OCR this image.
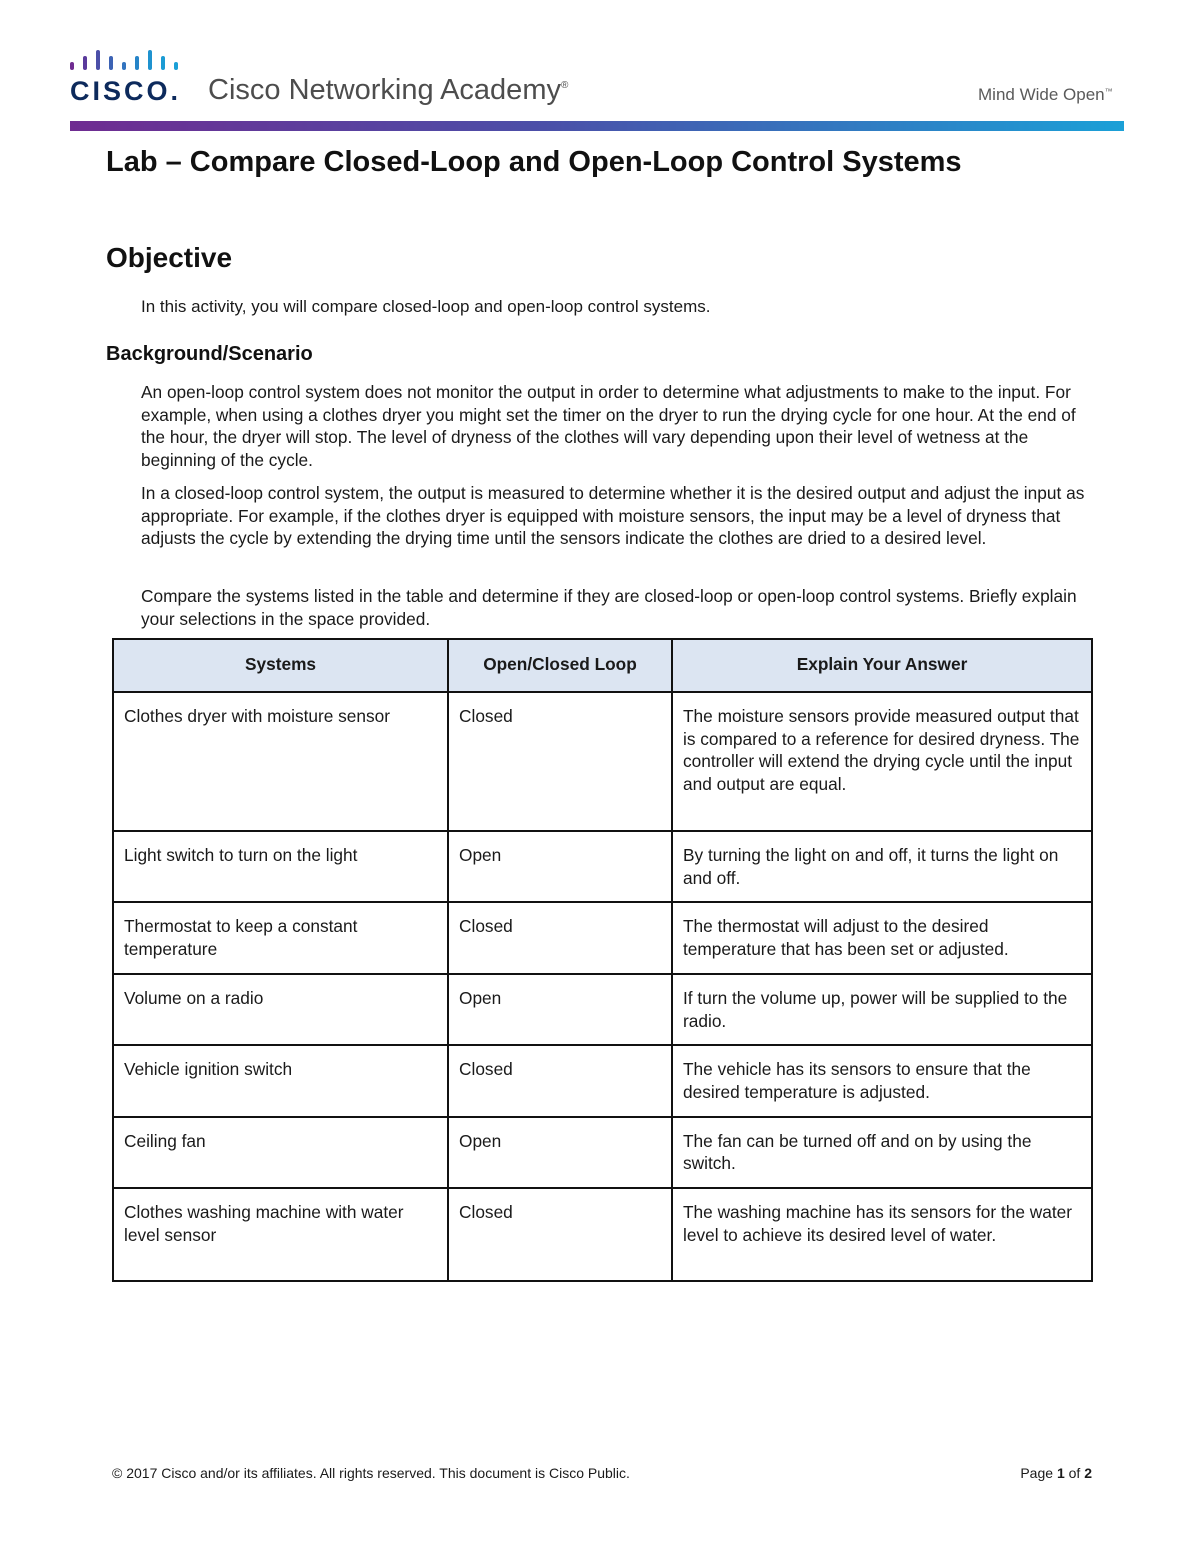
CISCO. Cisco Networking Academy®	Mind Wide Open™
Lab – Compare Closed-Loop and Open-Loop Control Systems
Objective

In this activity, you will compare closed-loop and open-loop control systems.

Background/Scenario

An open-loop control system does not monitor the output in order to determine what adjustments to make to the input. For example, when using a clothes dryer you might set the timer on the dryer to run the drying cycle for one hour. At the end of the hour, the dryer will stop. The level of dryness of the clothes will vary depending upon their level of wetness at the beginning of the cycle.

In a closed-loop control system, the output is measured to determine whether it is the desired output and adjust the input as appropriate. For example, if the clothes dryer is equipped with moisture sensors, the input may be a level of dryness that adjusts the cycle by extending the drying time until the sensors indicate the clothes are dried to a desired level.

Compare the systems listed in the table and determine if they are closed-loop or open-loop control systems. Briefly explain your selections in the space provided.

Systems	Open/Closed Loop	Explain Your Answer
Clothes dryer with moisture sensor	Closed	The moisture sensors provide measured output that is compared to a reference for desired dryness. The controller will extend the drying cycle until the input and output are equal.
Light switch to turn on the light	Open	By turning the light on and off, it turns the light on and off.
Thermostat to keep a constant temperature	Closed	The thermostat will adjust to the desired temperature that has been set or adjusted.
Volume on a radio	Open	If turn the volume up, power will be supplied to the radio.
Vehicle ignition switch	Closed	The vehicle has its sensors to ensure that the desired temperature is adjusted.
Ceiling fan	Open	The fan can be turned off and on by using the switch.
Clothes washing machine with water level sensor	Closed	The washing machine has its sensors for the water level to achieve its desired level of water.

© 2017 Cisco and/or its affiliates. All rights reserved. This document is Cisco Public.	Page 1 of 2
